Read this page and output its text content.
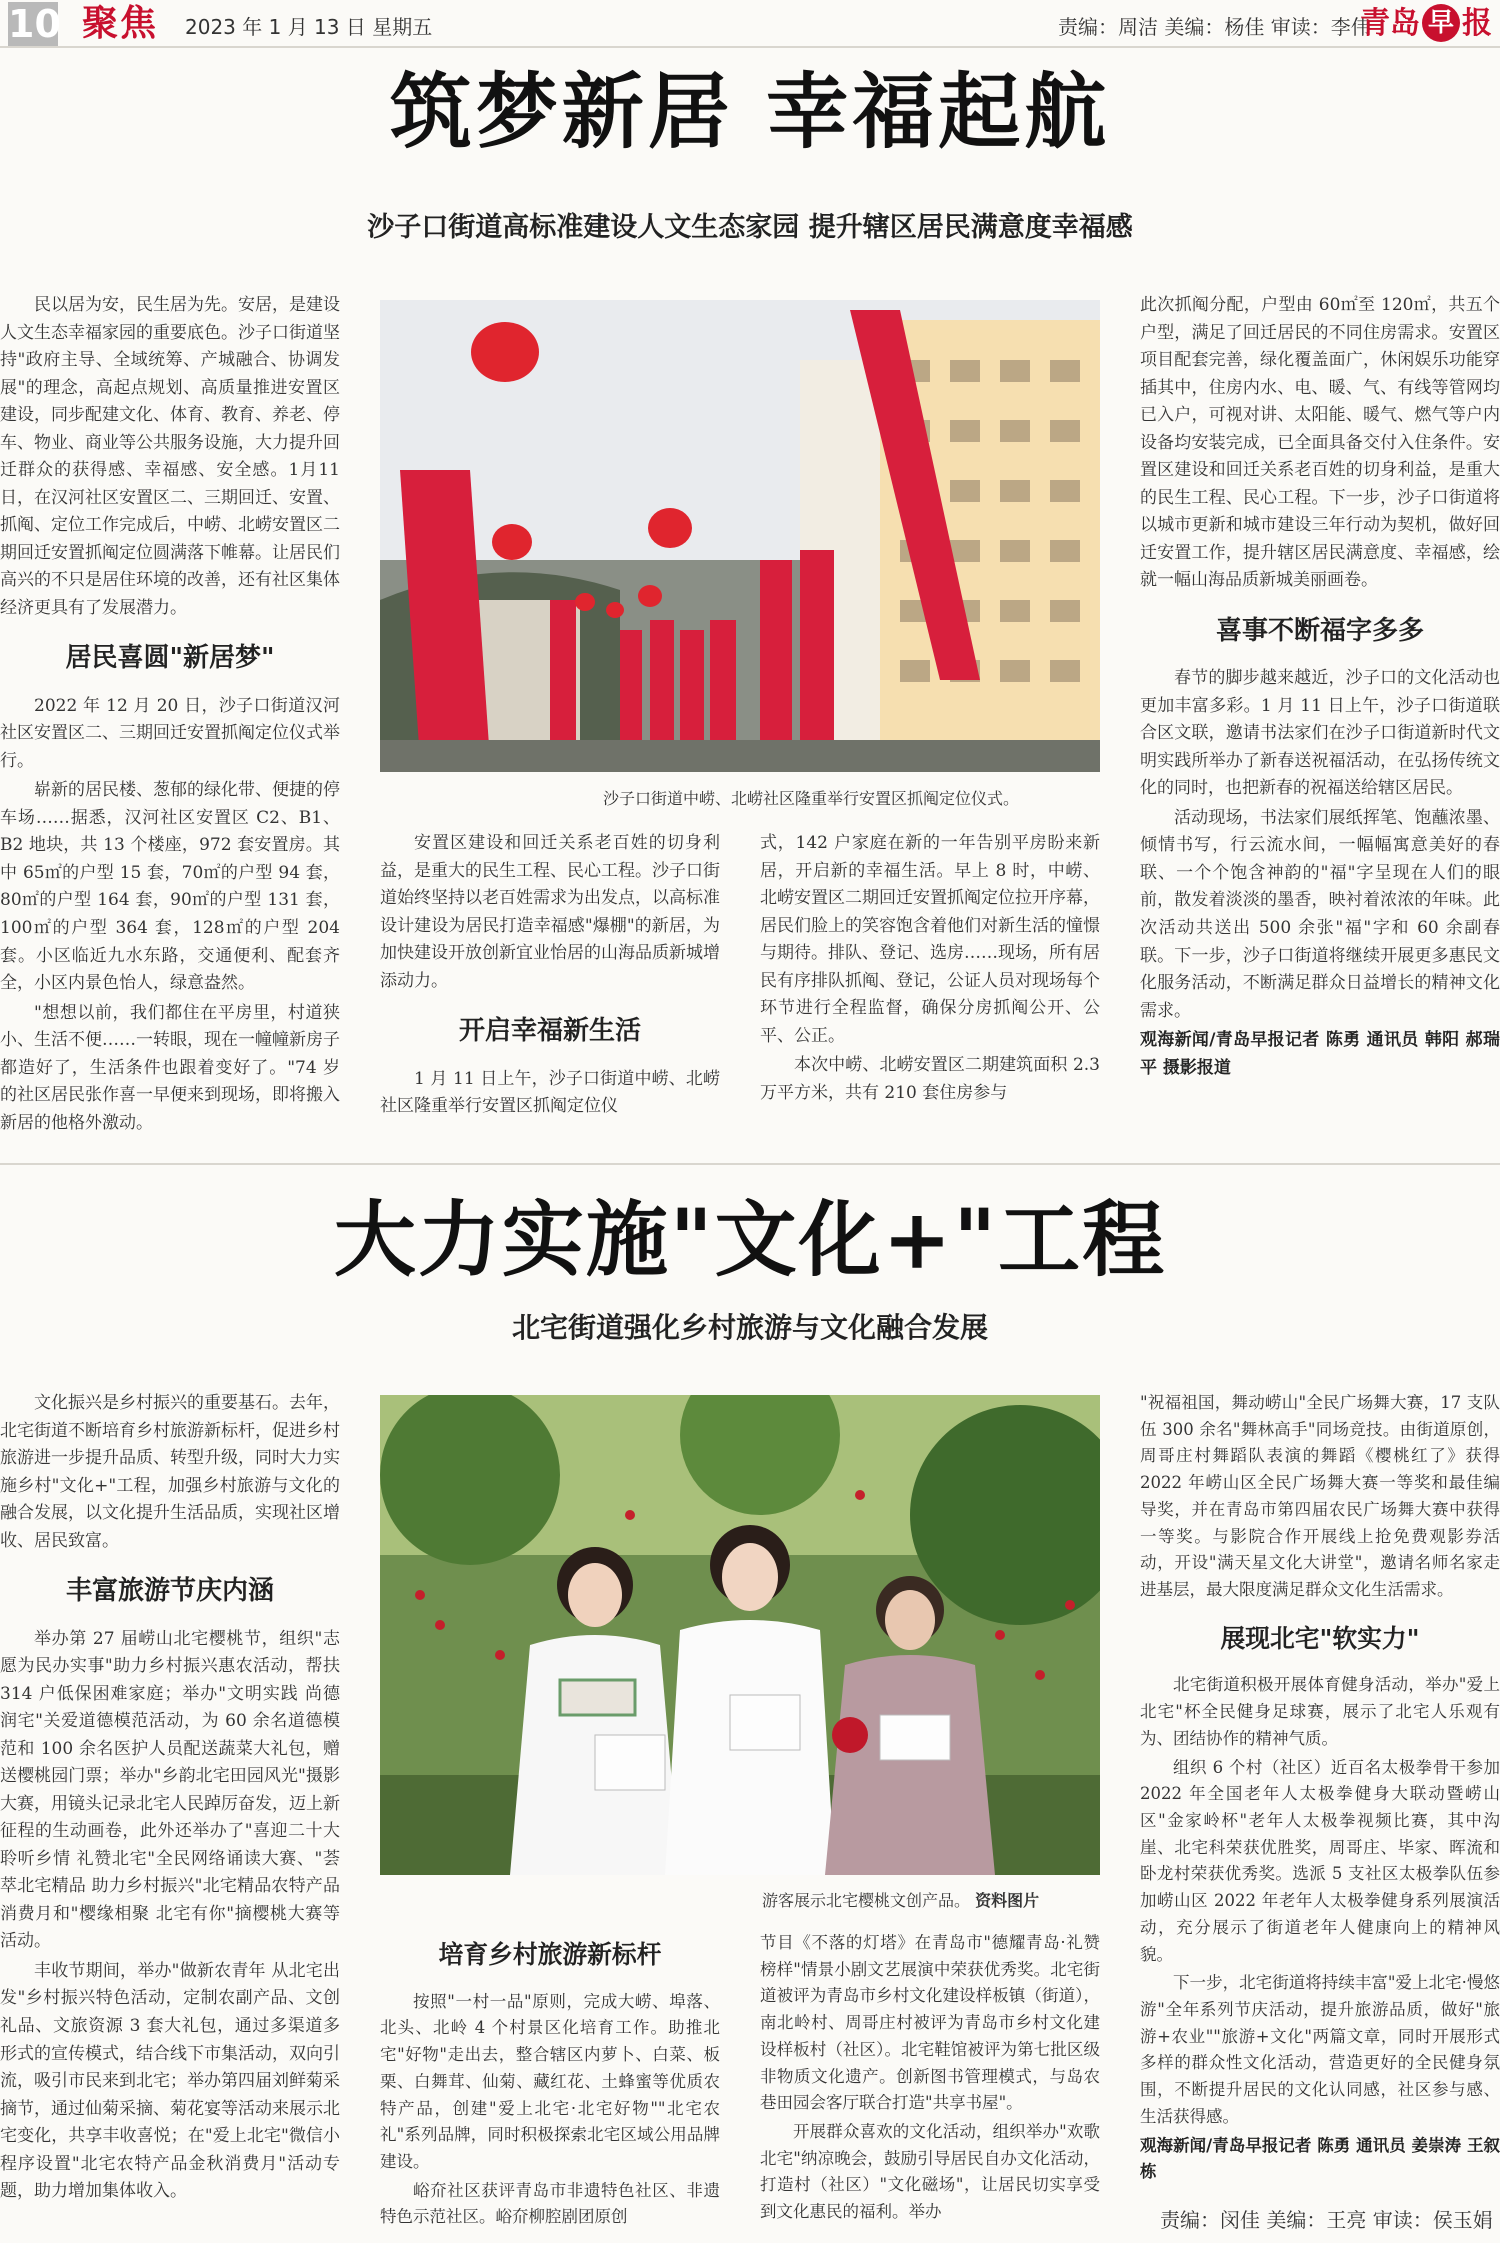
10 聚焦 2023 年 1 月 13 日 星期五	责编：周洁 美编：杨佳 审读：李伟
青岛 早 报
筑梦新居 幸福起航
沙子口街道高标准建设人文生态家园 提升辖区居民满意度幸福感

民以居为安，民生居为先。安居，是建设人文生态幸福家园的重要底色。沙子口街道坚持"政府主导、全域统筹、产城融合、协调发展"的理念，高起点规划、高质量推进安置区建设，同步配建文化、体育、教育、养老、停车、物业、商业等公共服务设施，大力提升回迁群众的获得感、幸福感、安全感。1月11日，在汉河社区安置区二、三期回迁、安置、抓阄、定位工作完成后，中崂、北崂安置区二期回迁安置抓阄定位圆满落下帷幕。让居民们高兴的不只是居住环境的改善，还有社区集体经济更具有了发展潜力。

居民喜圆"新居梦"

2022 年 12 月 20 日，沙子口街道汉河社区安置区二、三期回迁安置抓阄定位仪式举行。

崭新的居民楼、葱郁的绿化带、便捷的停车场……据悉，汉河社区安置区 C2、B1、B2 地块，共 13 个楼座，972 套安置房。其中 65㎡的户型 15 套，70㎡的户型 94 套，80㎡的户型 164 套，90㎡的户型 131 套，100㎡的户型 364 套，128㎡的户型 204 套。小区临近九水东路，交通便利、配套齐全，小区内景色怡人，绿意盎然。

"想想以前，我们都住在平房里，村道狭小、生活不便……一转眼，现在一幢幢新房子都造好了，生活条件也跟着变好了。"74 岁的社区居民张作喜一早便来到现场，即将搬入新居的他格外激动。

沙子口街道中崂、北崂社区隆重举行安置区抓阄定位仪式。

安置区建设和回迁关系老百姓的切身利益，是重大的民生工程、民心工程。沙子口街道始终坚持以老百姓需求为出发点，以高标准设计建设为居民打造幸福感"爆棚"的新居，为加快建设开放创新宜业怡居的山海品质新城增添动力。

开启幸福新生活

1 月 11 日上午，沙子口街道中崂、北崂社区隆重举行安置区抓阄定位仪

式，142 户家庭在新的一年告别平房盼来新居，开启新的幸福生活。早上 8 时，中崂、北崂安置区二期回迁安置抓阄定位拉开序幕，居民们脸上的笑容饱含着他们对新生活的憧憬与期待。排队、登记、选房……现场，所有居民有序排队抓阄、登记，公证人员对现场每个环节进行全程监督，确保分房抓阄公开、公平、公正。

本次中崂、北崂安置区二期建筑面积 2.3 万平方米，共有 210 套住房参与

此次抓阄分配，户型由 60㎡至 120㎡，共五个户型，满足了回迁居民的不同住房需求。安置区项目配套完善，绿化覆盖面广，休闲娱乐功能穿插其中，住房内水、电、暖、气、有线等管网均已入户，可视对讲、太阳能、暖气、燃气等户内设备均安装完成，已全面具备交付入住条件。安置区建设和回迁关系老百姓的切身利益，是重大的民生工程、民心工程。下一步，沙子口街道将以城市更新和城市建设三年行动为契机，做好回迁安置工作，提升辖区居民满意度、幸福感，绘就一幅山海品质新城美丽画卷。

喜事不断福字多多

春节的脚步越来越近，沙子口的文化活动也更加丰富多彩。1 月 11 日上午，沙子口街道联合区文联，邀请书法家们在沙子口街道新时代文明实践所举办了新春送祝福活动，在弘扬传统文化的同时，也把新春的祝福送给辖区居民。

活动现场，书法家们展纸挥笔、饱蘸浓墨、倾情书写，行云流水间，一幅幅寓意美好的春联、一个个饱含神韵的"福"字呈现在人们的眼前，散发着淡淡的墨香，映衬着浓浓的年味。此次活动共送出 500 余张"福"字和 60 余副春联。下一步，沙子口街道将继续开展更多惠民文化服务活动，不断满足群众日益增长的精神文化需求。

观海新闻/青岛早报记者 陈勇 通讯员 韩阳 郝瑞平 摄影报道

大力实施"文化+"工程
北宅街道强化乡村旅游与文化融合发展

文化振兴是乡村振兴的重要基石。去年，北宅街道不断培育乡村旅游新标杆，促进乡村旅游进一步提升品质、转型升级，同时大力实施乡村"文化+"工程，加强乡村旅游与文化的融合发展，以文化提升生活品质，实现社区增收、居民致富。

丰富旅游节庆内涵

举办第 27 届崂山北宅樱桃节，组织"志愿为民办实事"助力乡村振兴惠农活动，帮扶 314 户低保困难家庭；举办"文明实践 尚德润宅"关爱道德模范活动，为 60 余名道德模范和 100 余名医护人员配送蔬菜大礼包，赠送樱桃园门票；举办"乡韵北宅田园风光"摄影大赛，用镜头记录北宅人民踔厉奋发，迈上新征程的生动画卷，此外还举办了"喜迎二十大聆听乡情 礼赞北宅"全民网络诵读大赛、"荟萃北宅精品 助力乡村振兴"北宅精品农特产品消费月和"樱缘相聚 北宅有你"摘樱桃大赛等活动。

丰收节期间，举办"做新农青年 从北宅出发"乡村振兴特色活动，定制农副产品、文创礼品、文旅资源 3 套大礼包，通过多渠道多形式的宣传模式，结合线下市集活动，双向引流，吸引市民来到北宅；举办第四届刘鲜菊采摘节，通过仙菊采摘、菊花宴等活动来展示北宅变化，共享丰收喜悦；在"爱上北宅"微信小程序设置"北宅农特产品金秋消费月"活动专题，助力增加集体收入。

游客展示北宅樱桃文创产品。 资料图片
培育乡村旅游新标杆

按照"一村一品"原则，完成大崂、埠落、北头、北岭 4 个村景区化培育工作。助推北宅"好物"走出去，整合辖区内萝卜、白菜、板栗、白舞茸、仙菊、藏红花、土蜂蜜等优质农特产品，创建"爱上北宅·北宅好物""北宅农礼"系列品牌，同时积极探索北宅区域公用品牌建设。

峪夼社区获评青岛市非遗特色社区、非遗特色示范社区。峪夼柳腔剧团原创

节目《不落的灯塔》在青岛市"德耀青岛·礼赞榜样"情景小剧文艺展演中荣获优秀奖。北宅街道被评为青岛市乡村文化建设样板镇（街道），南北岭村、周哥庄村被评为青岛市乡村文化建设样板村（社区）。北宅鞋馆被评为第七批区级非物质文化遗产。创新图书管理模式，与岛农巷田园会客厅联合打造"共享书屋"。

开展群众喜欢的文化活动，组织举办"欢歌北宅"纳凉晚会，鼓励引导居民自办文化活动，打造村（社区）"文化磁场"，让居民切实享受到文化惠民的福利。举办

"祝福祖国，舞动崂山"全民广场舞大赛，17 支队伍 300 余名"舞林高手"同场竞技。由街道原创，周哥庄村舞蹈队表演的舞蹈《樱桃红了》获得 2022 年崂山区全民广场舞大赛一等奖和最佳编导奖，并在青岛市第四届农民广场舞大赛中获得一等奖。与影院合作开展线上抢免费观影券活动，开设"满天星文化大讲堂"，邀请名师名家走进基层，最大限度满足群众文化生活需求。

展现北宅"软实力"

北宅街道积极开展体育健身活动，举办"爱上北宅"杯全民健身足球赛，展示了北宅人乐观有为、团结协作的精神气质。

组织 6 个村（社区）近百名太极拳骨干参加 2022 年全国老年人太极拳健身大联动暨崂山区"金家岭杯"老年人太极拳视频比赛，其中沟崖、北宅科荣获优胜奖，周哥庄、毕家、晖流和卧龙村荣获优秀奖。选派 5 支社区太极拳队伍参加崂山区 2022 年老年人太极拳健身系列展演活动，充分展示了街道老年人健康向上的精神风貌。

下一步，北宅街道将持续丰富"爱上北宅·慢悠游"全年系列节庆活动，提升旅游品质，做好"旅游+农业""旅游+文化"两篇文章，同时开展形式多样的群众性文化活动，营造更好的全民健身氛围，不断提升居民的文化认同感，社区参与感、生活获得感。

观海新闻/青岛早报记者 陈勇 通讯员 姜崇涛 王叙栋

责编：闵佳 美编：王亮 审读：侯玉娟
